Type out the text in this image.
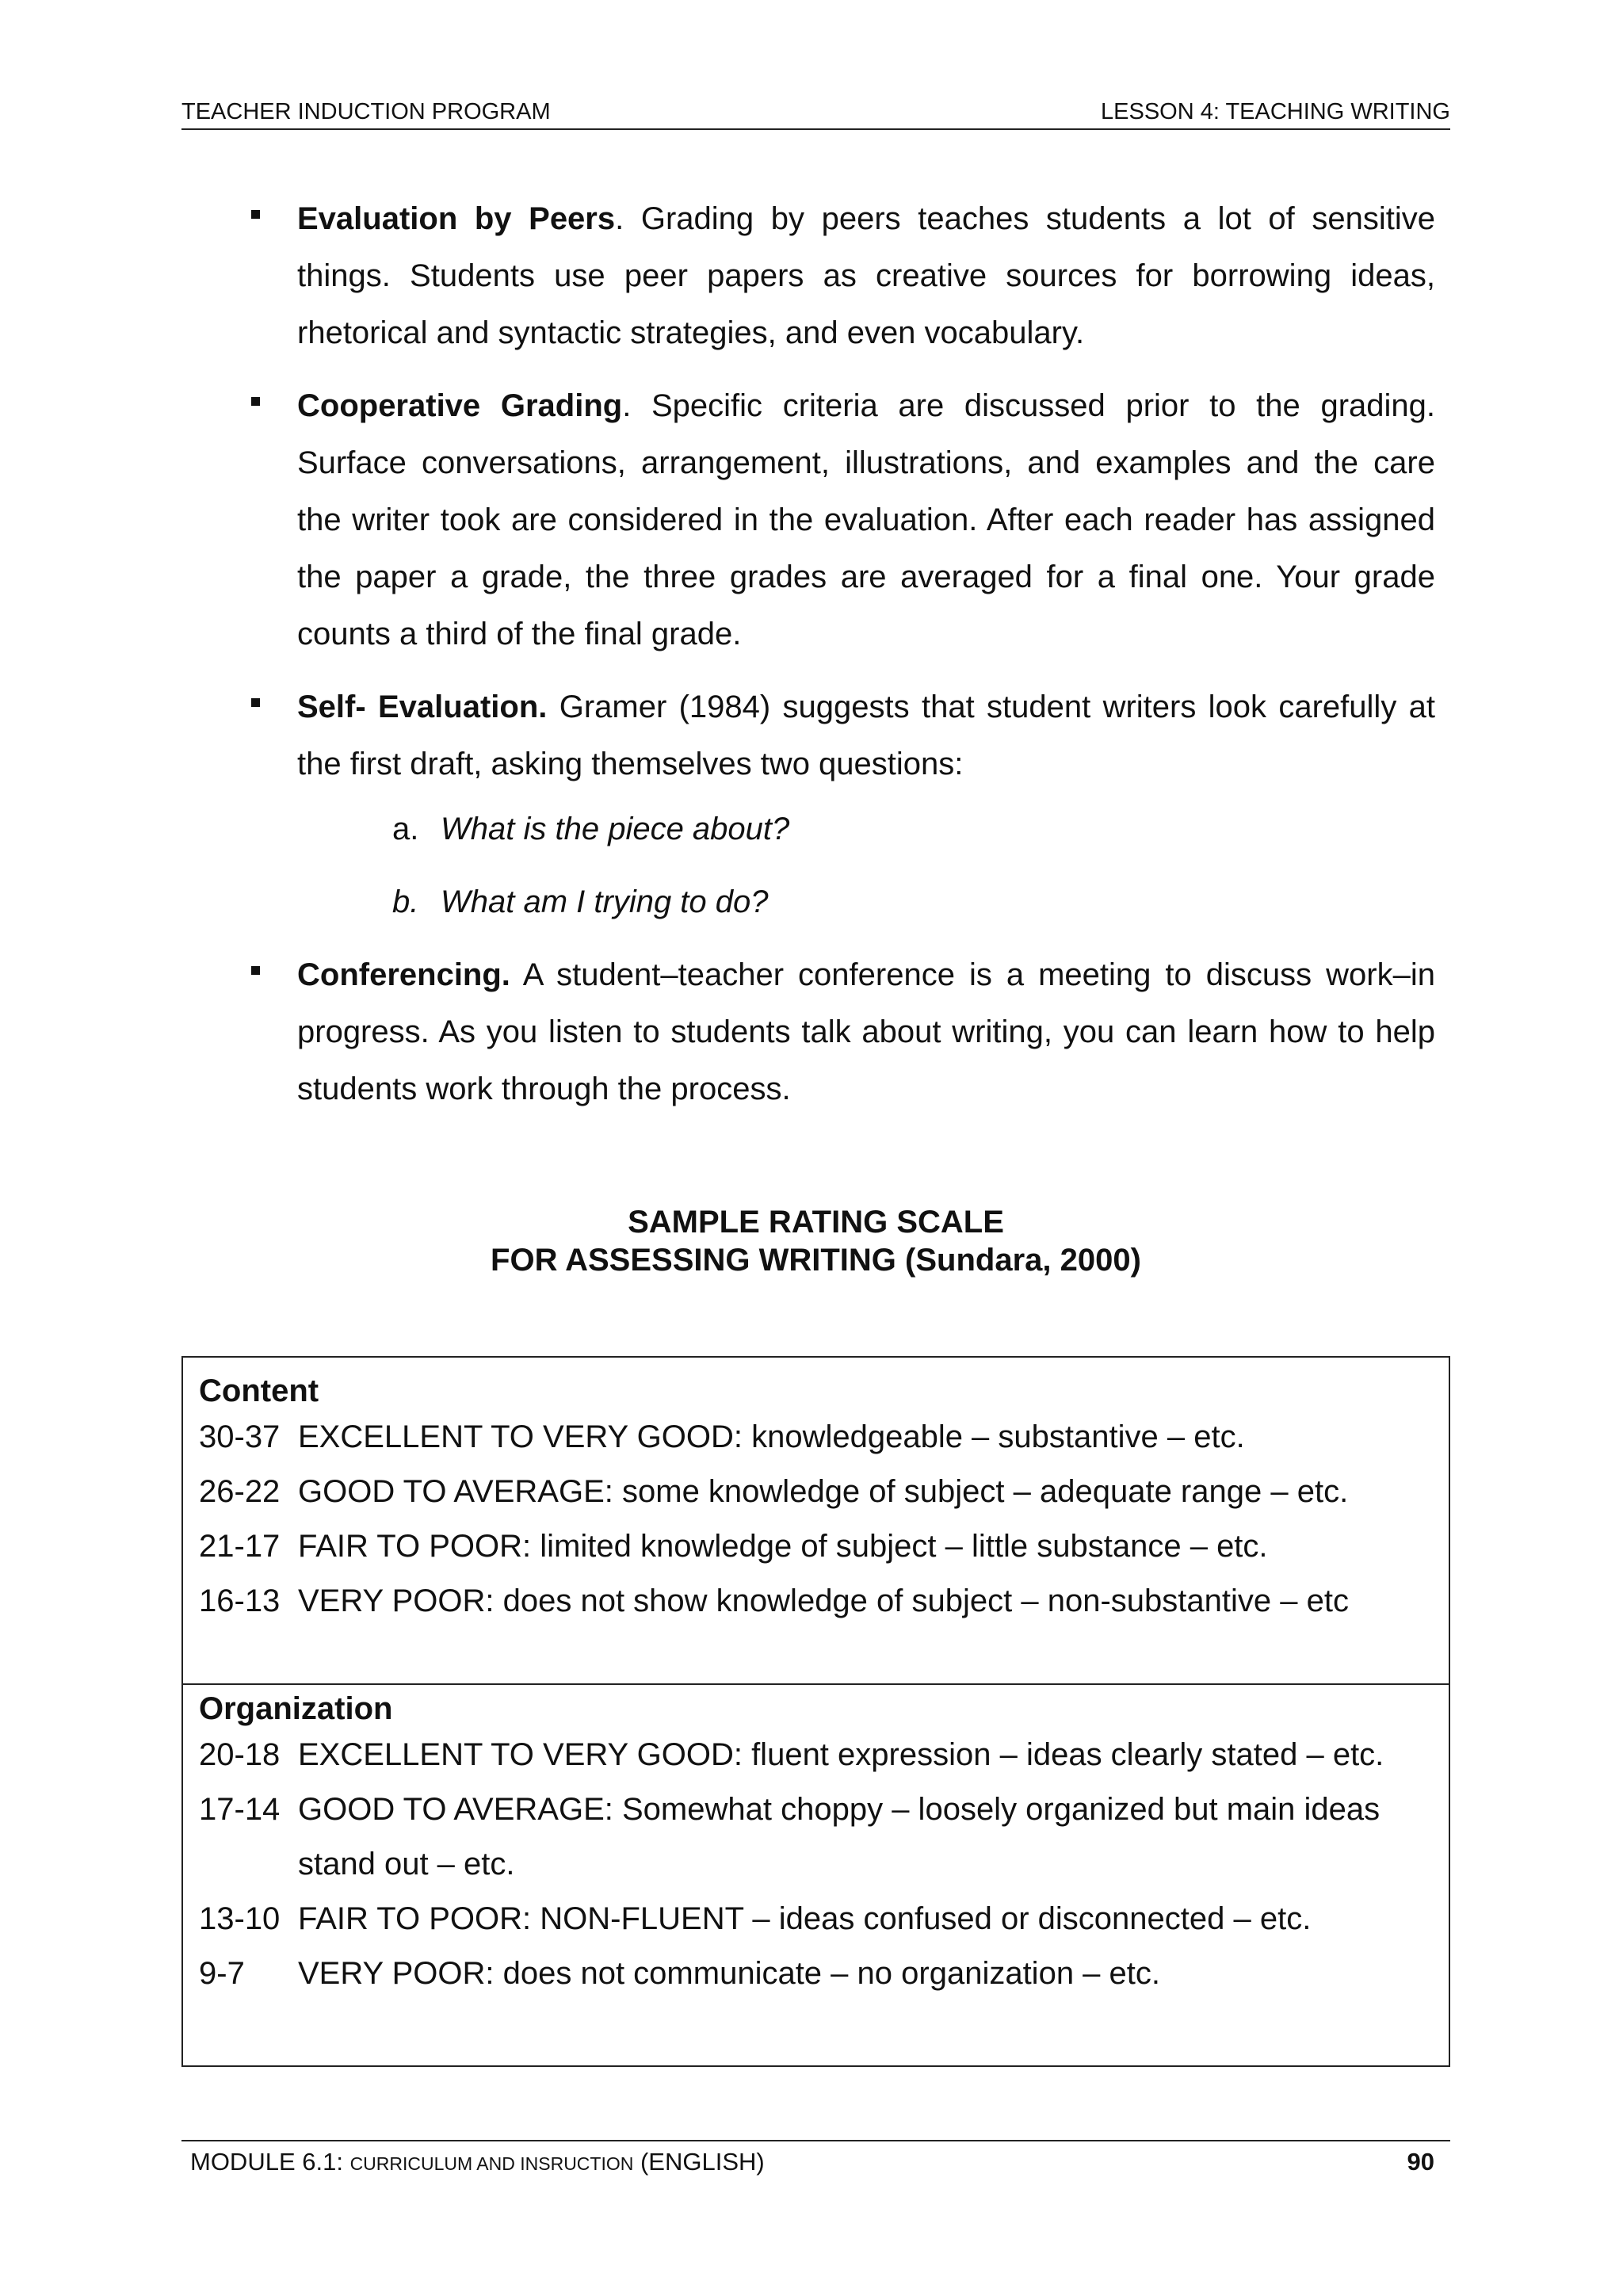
TEACHER INDUCTION PROGRAM	LESSON 4: TEACHING WRITING

Evaluation by Peers. Grading by peers teaches students a lot of sensitive things. Students use peer papers as creative sources for borrowing ideas, rhetorical and syntactic strategies, and even vocabulary.

Cooperative Grading. Specific criteria are discussed prior to the grading. Surface conversations, arrangement, illustrations, and examples and the care the writer took are considered in the evaluation. After each reader has assigned the paper a grade, the three grades are averaged for a final one. Your grade counts a third of the final grade.

Self- Evaluation. Gramer (1984) suggests that student writers look carefully at the first draft, asking themselves two questions:

a. What is the piece about?
b. What am I trying to do?

Conferencing. A student–teacher conference is a meeting to discuss work–in progress. As you listen to students talk about writing, you can learn how to help students work through the process.

SAMPLE RATING SCALE
FOR ASSESSING WRITING (Sundara, 2000)
Content
30-37 EXCELLENT TO VERY GOOD: knowledgeable – substantive – etc.
26-22 GOOD TO AVERAGE: some knowledge of subject – adequate range – etc.
21-17 FAIR TO POOR: limited knowledge of subject – little substance – etc.
16-13 VERY POOR: does not show knowledge of subject – non-substantive – etc
Organization
20-18 EXCELLENT TO VERY GOOD: fluent expression – ideas clearly stated – etc.
17-14 GOOD TO AVERAGE: Somewhat choppy – loosely organized but main ideas stand out – etc.
13-10 FAIR TO POOR: NON-FLUENT – ideas confused or disconnected – etc.
9-7 VERY POOR: does not communicate – no organization – etc.
MODULE 6.1: CURRICULUM AND INSRUCTION (ENGLISH)	90
